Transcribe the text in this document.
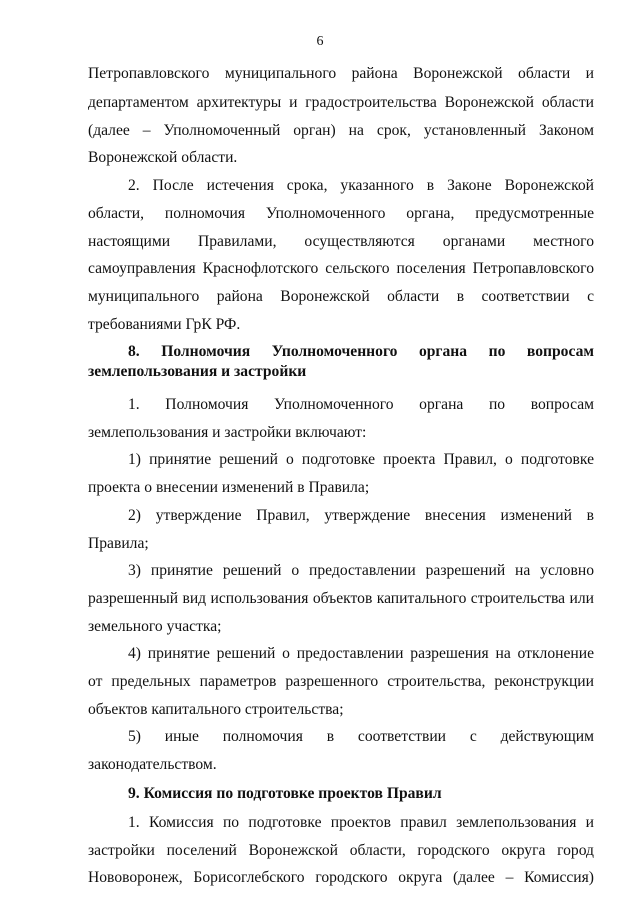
6
Петропавловского муниципального района Воронежской области и
департаментом архитектуры и градостроительства Воронежской области
(далее – Уполномоченный орган) на срок, установленный Законом
Воронежской области.
2. После истечения срока, указанного в Законе Воронежской
области, полномочия Уполномоченного органа, предусмотренные
настоящими Правилами, осуществляются органами местного
самоуправления Краснофлотского сельского поселения Петропавловского
муниципального района Воронежской области в соответствии с
требованиями ГрК РФ.
8. Полномочия Уполномоченного органа по вопросам
землепользования и застройки
1. Полномочия Уполномоченного органа по вопросам
землепользования и застройки включают:
1) принятие решений о подготовке проекта Правил, о подготовке
проекта о внесении изменений в Правила;
2) утверждение Правил, утверждение внесения изменений в
Правила;
3) принятие решений о предоставлении разрешений на условно
разрешенный вид использования объектов капитального строительства или
земельного участка;
4) принятие решений о предоставлении разрешения на отклонение
от предельных параметров разрешенного строительства, реконструкции
объектов капитального строительства;
5) иные полномочия в соответствии с действующим
законодательством.
9. Комиссия по подготовке проектов Правил
1. Комиссия по подготовке проектов правил землепользования и
застройки поселений Воронежской области, городского округа город
Нововоронеж, Борисоглебского городского округа (далее – Комиссия)
